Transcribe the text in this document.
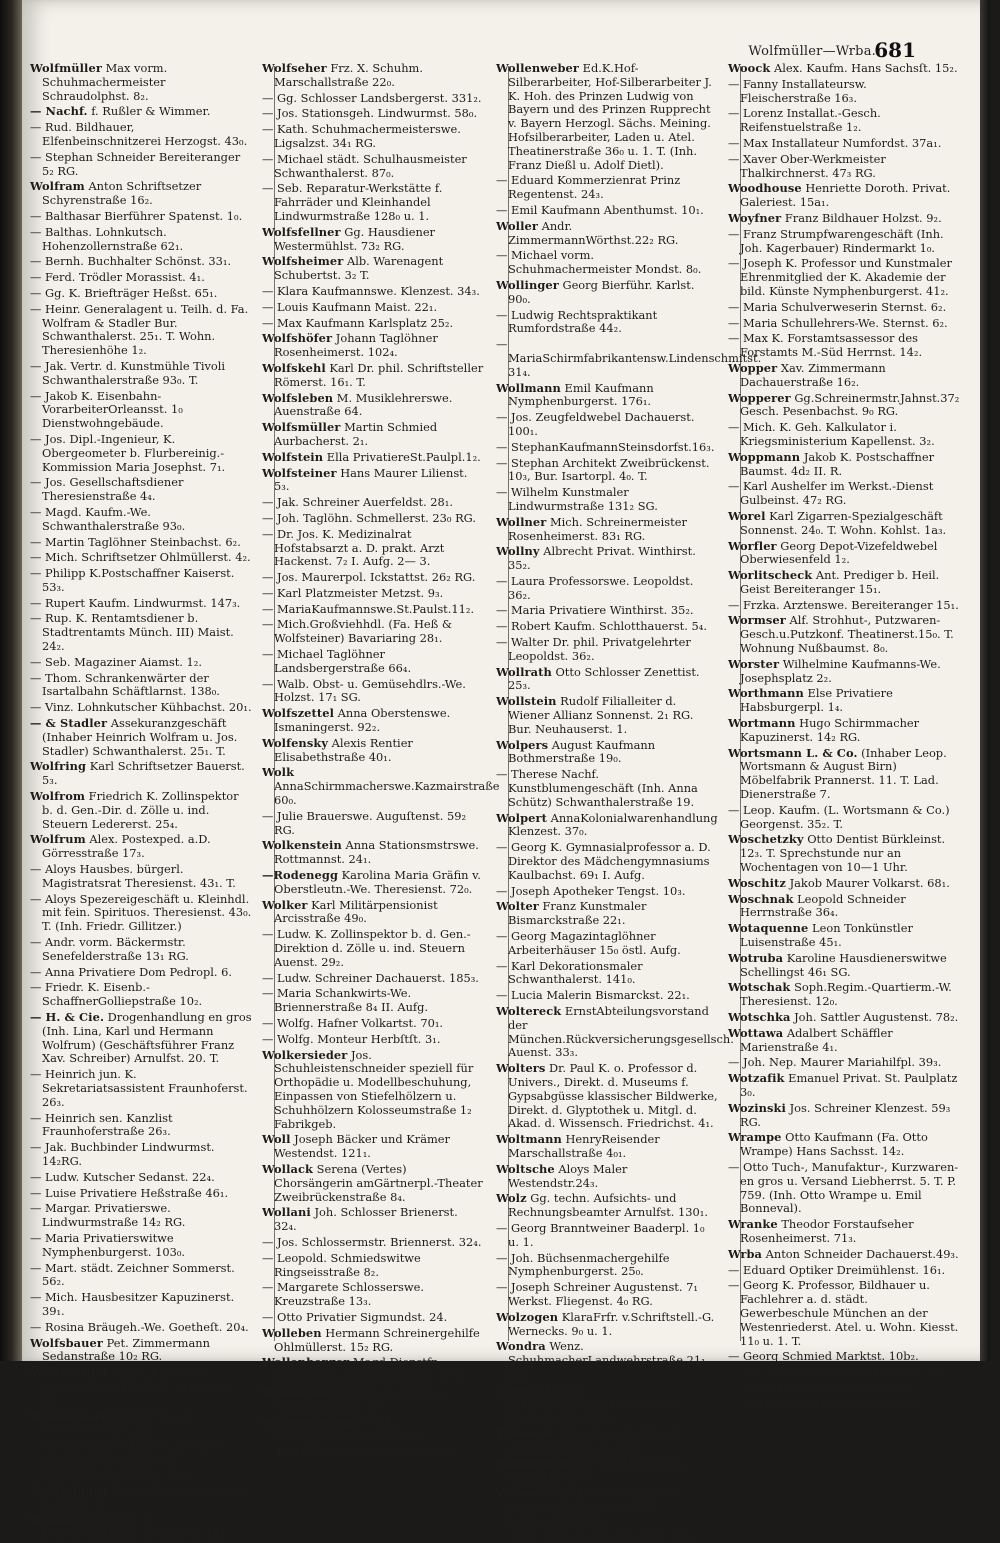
Wolfmüller—Wrba.
681
Wolfmüller Max vorm. Schuhmachermeister Schraudolphst. 8₂.
— Nachf. f. Rußler & Wimmer.
— Rud. Bildhauer, Elfenbeinschnitzerei Herzogst. 43₀.
— Stephan Schneider Bereiteranger 5₂ RG.
Wolfram Anton Schriftsetzer Schyrenstraße 16₂.
— Balthasar Bierführer Spatenst. 1₀.
— Balthas. Lohnkutsch. Hohenzollernstraße 62₁.
— Bernh. Buchhalter Schönst. 33₁.
— Ferd. Trödler Morassist. 4₁.
— Gg. K. Briefträger Heßst. 65₁.
— Heinr. Generalagent u. Teilh. d. Fa. Wolfram & Stadler Bur. Schwanthalerst. 25₁. T. Wohn. Theresienhöhe 1₂.
— Jak. Vertr. d. Kunstmühle Tivoli Schwanthalerstraße 93₀. T.
— Jakob K. Eisenbahn-VorarbeiterOrleansst. 1₀ Dienstwohngebäude.
— Jos. Dipl.-Ingenieur, K. Obergeometer b. Flurbereinig.-Kommission Maria Josephst. 7₁.
— Jos. Gesellschaftsdiener Theresienstraße 4₄.
— Magd. Kaufm.-We. Schwanthalerstraße 93₀.
— Martin Taglöhner Steinbachst. 6₂.
— Mich. Schriftsetzer Ohlmüllerst. 4₂.
— Philipp K.Postschaffner Kaiserst. 53₃.
— Rupert Kaufm. Lindwurmst. 147₃.
— Rup. K. Rentamtsdiener b. Stadtrentamts Münch. III) Maist. 24₂.
— Seb. Magaziner Aiamst. 1₂.
— Thom. Schrankenwärter der Isartalbahn Schäftlarnst. 138₀.
— Vinz. Lohnkutscher Kühbachst. 20₁.
— & Stadler Assekuranzgeschäft (Inhaber Heinrich Wolfram u. Jos. Stadler) Schwanthalerst. 25₁. T.
Wolfring Karl Schriftsetzer Bauerst. 5₃.
Wolfrom Friedrich K. Zollinspektor b. d. Gen.-Dir. d. Zölle u. ind. Steuern Ledererst. 25₄.
Wolfrum Alex. Postexped. a.D. Görresstraße 17₃.
— Aloys Hausbes. bürgerl. Magistratsrat Theresienst. 43₁. T.
— Aloys Spezereigeschäft u. Kleinhdl. mit fein. Spirituos. Theresienst. 43₀. T. (Inh. Friedr. Gillitzer.)
— Andr. vorm. Bäckermstr. Senefelderstraße 13₁ RG.
— Anna Privatiere Dom Pedropl. 6.
— Friedr. K. Eisenb.-SchaffnerGolliерstraße 10₂.
— H. & Cie. Drogenhandlung en gros (Inh. Lina, Karl und Hermann Wolfrum) (Geschäftsführer Franz Xav. Schreiber) Arnulfst. 20. T.
— Heinrich jun. K. Sekretariatsassistent Fraunhoferst. 26₃.
— Heinrich sen. Kanzlist Fraunhoferstraße 26₃.
— Jak. Buchbinder Lindwurmst. 14₂RG.
— Ludw. Kutscher Sedanst. 22₄.
— Luise Privatiere Heßstraße 46₁.
— Margar. Privatierswe. Lindwurmstraße 14₂ RG.
— Maria Privatierswitwe Nymphenburgerst. 103₀.
— Mart. städt. Zeichner Sommerst. 56₂.
— Mich. Hausbesitzer Kapuzinerst. 39₁.
— Rosina Bräugeh.-We. Goetheſt. 20₄.
Wolfsbauer Pet. Zimmermann Sedanstraße 10₂ RG.
Wolfsberger Mark. Kaufmann Oefelestraße 15₂. Lad. Sommerst. 32.
Wolfsschaffer Aloys Maler Westendstraße 26₁.
— Clem. Maurer Parkst. 28b₀ RG.
— Maria Dienstmannswe. Senefelderstraße 14₃ RG.
Wolfschmitt Johann Bürstenmacher Apianst. 5₂.
Wolfsegger Mark. K. Lokomotivheizer Astallerst. 14₃.
Wolfseher Frz. X. Schuhm. Marschallstraße 22₀.
— Gg. Schlosser Landsbergerst. 331₂.
— Jos. Stationsgeh. Lindwurmst. 58₀.
— Kath. Schuhmachermeisterswe. Ligsalzst. 34₁ RG.
— Michael städt. Schulhausmeister Schwanthalerst. 87₀.
— Seb. Reparatur-Werkstätte f. Fahrräder und Kleinhandel Lindwurmstraße 128₀ u. 1.
Wolfsfellner Gg. Hausdiener Westermühlst. 73₂ RG.
Wolfsheimer Alb. Warenagent Schubertst. 3₂ T.
— Klara Kaufmannswe. Klenzest. 34₃.
— Louis Kaufmann Maist. 22₁.
— Max Kaufmann Karlsplatz 25₂.
Wolfshöfer Johann Taglöhner Rosenheimerst. 102₄.
Wolfskehl Karl Dr. phil. Schriftsteller Römerst. 16₁. T.
Wolfsleben M. Musiklehrerswe. Auenstraße 64.
Wolfsmüller Martin Schmied Aurbacherst. 2₁.
Wolfstein Ella PrivatiereSt.Paulpl.1₂.
Wolfsteiner Hans Maurer Lilienst. 5₃.
— Jak. Schreiner Auerfeldst. 28₁.
— Joh. Taglöhn. Schmellerst. 23₀ RG.
— Dr. Jos. K. Medizinalrat Hofstabsarzt a. D. prakt. Arzt Hackenst. 7₂ I. Aufg. 2— 3.
— Jos. Maurerpol. Ickstattst. 26₂ RG.
— Karl Platzmeister Metzst. 9₃.
— MariaKaufmannswe.St.Paulst.11₂.
— Mich.Großviehhdl. (Fa. Heß & Wolfsteiner) Bavariaring 28₁.
— Michael Taglöhner Landsbergerstraße 66₄.
— Walb. Obst- u. Gemüsehdlrs.-We. Holzst. 17₁ SG.
Wolfszettel Anna Oberstenswe. Ismaningerst. 92₂.
Wolfensky Alexis Rentier Elisabethstraße 40₁.
Wolk AnnaSchirmmacherswe.Kazmairstraße 60₀.
— Julie Brauerswe. Auguſtenst. 59₂ RG.
Wolkenstein Anna Stationsmstrswe. Rottmannst. 24₁.
—Rodenegg Karolina Maria Gräfin v. Oberstleutn.-We. Theresienst. 72₀.
Wolker Karl Militärpensionist Arcisstraße 49₀.
— Ludw. K. Zollinspektor b. d. Gen.-Direktion d. Zölle u. ind. Steuern Auenst. 29₂.
— Ludw. Schreiner Dachauerst. 185₃.
— Maria Schankwirts-We. Briennerstraße 8₄ II. Aufg.
— Wolfg. Hafner Volkartst. 70₁.
— Wolfg. Monteur Herbſtſt. 3₁.
Wolkersieder Jos. Schuhleistenschneider speziell für Orthopädie u. Modellbeschuhung, Einpassen von Stiefelhölzern u. Schuhhölzern Kolosseumstraße 1₂ Fabrikgeb.
Woll Joseph Bäcker und Krämer Westendst. 121₁.
Wollack Serena (Vertes) Chorsängerin amGärtnerpl.-Theater Zweibrückenstraße 8₄.
Wollani Joh. Schlosser Brienerst. 32₄.
— Jos. Schlossermstr. Briennerst. 32₄.
— Leopold. Schmiedswitwe Ringseisstraße 8₂.
— Margarete Schlosserswe. Kreuzstraße 13₃.
— Otto Privatier Sigmundst. 24.
Wolleben Hermann Schreinergehilfe Ohlmüllerst. 15₂ RG.
Wollenberger Magd.Dienstfr.(K.B.St.Eisenbahn) Herbſtſt. 17c₀.
Wollenhaupt Maria Faktorswe. Ainmillerſtraße 43₂.
Wollenschläger Gg.K. Schutzm.Marienstraße 2₂.
— Jos. Fabrikarb.Occamstraße 3₂.
Wollenweber Ed.K.Hof-Silberarbeiter, Hof-Silberarbeiter J. K. Hoh. des Prinzen Ludwig von Bayern und des Prinzen Rupprecht v. Bayern Herzogl. Sächs. Meining. Hofsilberarbeiter, Laden u. Atel. Theatinerstraße 36₀ u. 1. T. (Inh. Franz Dießl u. Adolf Dietl).
— Eduard Kommerzienrat Prinz Regentenst. 24₃.
— Emil Kaufmann Abenthumst. 10₁.
Woller Andr. ZimmermannWörthst.22₂ RG.
— Michael vorm. Schuhmachermeister Mondst. 8₀.
Wollinger Georg Bierführ. Karlst. 90₀.
— Ludwig Rechtspraktikant Rumfordstraße 44₂.
— MariaSchirmfabrikantensw.Lindenschmitst. 31₄.
Wollmann Emil Kaufmann Nymphenburgerst. 176₁.
— Jos. Zeugfeldwebel Dachauerst. 100₁.
— StephanKaufmannSteinsdorfst.16₃.
— Stephan Architekt Zweibrückenst. 10₃, Bur. Isartorpl. 4₀. T.
— Wilhelm Kunstmaler Lindwurmstraße 131₂ SG.
Wollner Mich. Schreinermeister Rosenheimerst. 83₁ RG.
Wollny Albrecht Privat. Winthirst. 35₂.
— Laura Professorswe. Leopoldst. 36₂.
— Maria Privatiere Winthirst. 35₂.
— Robert Kaufm. Schlotthauerst. 5₄.
— Walter Dr. phil. Privatgelehrter Leopoldst. 36₂.
Wollrath Otto Schlosser Zenettist. 25₃.
Wollstein Rudolf Filialleiter d. Wiener Allianz Sonnenst. 2₁ RG. Bur. Neuhauserst. 1.
Wolpers August Kaufmann Bothmerstraße 19₀.
— Therese Nachf. Kunstblumengeschäft (Inh. Anna Schütz) Schwanthalerstraße 19.
Wolpert AnnaKolonialwarenhandlung Klenzest. 37₀.
— Georg K. Gymnasialprofessor a. D. Direktor des Mädchengymnasiums Kaulbachst. 69₁ I. Aufg.
— Joseph Apotheker Tengst. 10₃.
Wolter Franz Kunstmaler Bismarckstraße 22₁.
— Georg Magazintaglöhner Arbeiterhäuser 15₀ östl. Aufg.
— Karl Dekorationsmaler Schwanthalerst. 141₀.
— Lucia Malerin Bismarckst. 22₁.
Woltereck ErnstAbteilungsvorstand der München.Rückversicherungsgesellsch. Auenst. 33₃.
Wolters Dr. Paul K. o. Professor d. Univers., Direkt. d. Museums f. Gypsabgüsse klassischer Bildwerke, Direkt. d. Glyptothek u. Mitgl. d. Akad. d. Wissensch. Friedrichst. 4₁.
Woltmann HenryReisender Marschallstraße 4₀₁.
Woltsche Aloys Maler Westendstr.24₃.
Wolz Gg. techn. Aufsichts- und Rechnungsbeamter Arnulfst. 130₁.
— Georg Branntweiner Baaderpl. 1₀ u. 1.
— Joh. Büchsenmachergehilfe Nymphenburgerst. 25₀.
— Joseph Schreiner Augustenst. 7₁ Werkst. Fliegenst. 4₀ RG.
Wolzogen KlaraFrfr. v.Schriftstell.-G. Wernecks. 9₀ u. 1.
Wondra Wenz. SchuhmacherLandwehrstraße 21₁ RG.
Wondrak Hans OrtskrankenkaſſeHilfsarbeiter Westermühlst. 14₂.
Wonesch Anna Damenschneid. Amalienstraße 24₃ RG.
Wonneberg Kreszenz Krämerin Mariahilfpl. 6₀.
Wonneberger Rich. K. Sekret.-Assistent b. Amtsger. M. I Luitpoldst.14₂RG.
— Rich. Schreiner Luitpoldst. 15₄.
Woock Alex. Kaufm. Hans Sachsſt. 15₂.
— Fanny Installateursw. Fleischerstraße 16₃.
— Lorenz Installat.-Gesch. Reifenstuelstraße 1₂.
— Max Installateur Numfordst. 37a₁.
— Xaver Ober-Werkmeister Thalkirchnerst. 47₃ RG.
Woodhouse Henriette Doroth. Privat. Galeriest. 15a₁.
Woyfner Franz Bildhauer Holzst. 9₂.
— Franz Strumpfwarengeschäft (Inh. Joh. Kagerbauer) Rindermarkt 1₀.
— Joseph K. Professor und Kunstmaler Ehrenmitglied der K. Akademie der bild. Künste Nymphenburgerst. 41₂.
— Maria Schulverweserin Sternst. 6₂.
— Maria Schullehrers-We. Sternst. 6₂.
— Max K. Forstamtsassessor des Forstamts M.-Süd Herrnst. 14₂.
Wopper Xav. Zimmermann Dachauerstraße 16₂.
Wopperer Gg.Schreinermstr.Jahnst.37₂ Gesch. Pesenbachst. 9₀ RG.
— Mich. K. Geh. Kalkulator i. Kriegsministerium Kapellenst. 3₂.
Woppmann Jakob K. Postschaffner Baumst. 4d₂ II. R.
— Karl Aushelfer im Werkst.-Dienst Gulbeinst. 47₂ RG.
Worel Karl Zigarren-Spezialgeschäft Sonnenst. 24₀. T. Wohn. Kohlst. 1a₃.
Worfler Georg Depot-Vizefeldwebel Oberwiesenfeld 1₂.
Worlitscheck Ant. Prediger b. Heil. Geist Bereiteranger 15₁.
— Frzka. Arztenswe. Bereiteranger 15₁.
Wormser Alf. Strohhut-, Putzwaren-Gesch.u.Putzkonf. Theatinerst.15₀. T. Wohnung Nußbaumst. 8₀.
Worster Wilhelmine Kaufmanns-We. Josephsplatz 2₂.
Worthmann Else Privatiere Habsburgerpl. 1₄.
Wortmann Hugo Schirmmacher Kapuzinerst. 14₂ RG.
Wortsmann L. & Co. (Inhaber Leop. Wortsmann & August Birn) Möbelfabrik Prannerst. 11. T. Lad. Dienerstraße 7.
— Leop. Kaufm. (L. Wortsmann & Co.) Georgenst. 35₂. T.
Woschetzky Otto Dentist Bürkleinst. 12₃. T. Sprechstunde nur an Wochentagen von 10—1 Uhr.
Woschitz Jakob Maurer Volkarst. 68₁.
Woschnak Leopold Schneider Herrnstraße 36₄.
Wotaquenne Leon Tonkünstler Luisenstraße 45₁.
Wotruba Karoline Hausdienerswitwe Schellingst 46₁ SG.
Wotschak Soph.Regim.-Quartierm.-W. Theresienst. 12₀.
Wotschka Joh. Sattler Augustenst. 78₂.
Wottawa Adalbert Schäffler Marienstraße 4₁.
— Joh. Nep. Maurer Mariahilfpl. 39₃.
Wotzafik Emanuel Privat. St. Paulplatz 3₀.
Wozinski Jos. Schreiner Klenzest. 59₃ RG.
Wrampe Otto Kaufmann (Fa. Otto Wrampe) Hans Sachsst. 14₂.
— Otto Tuch-, Manufaktur-, Kurzwaren- en gros u. Versand Liebherrst. 5. T. P. 759. (Inh. Otto Wrampe u. Emil Bonneval).
Wranke Theodor Forstaufseher Rosenheimerst. 71₃.
Wrba Anton Schneider Dachauerst.49₃.
— Eduard Optiker Dreimühlenst. 16₁.
— Georg K. Professor, Bildhauer u. Fachlehrer a. d. städt. Gewerbeschule München an der Westenriederst. Atel. u. Wohn. Kiesst. 11₀ u. 1. T.
— Georg Schmied Marktst. 10b₂.
— Joh. Schneiderm. Oberländerst 29₁.
— Isaak Kaufmann Klenzest. 56₃.
— Julius Schneider Frauenst. 23₂.
